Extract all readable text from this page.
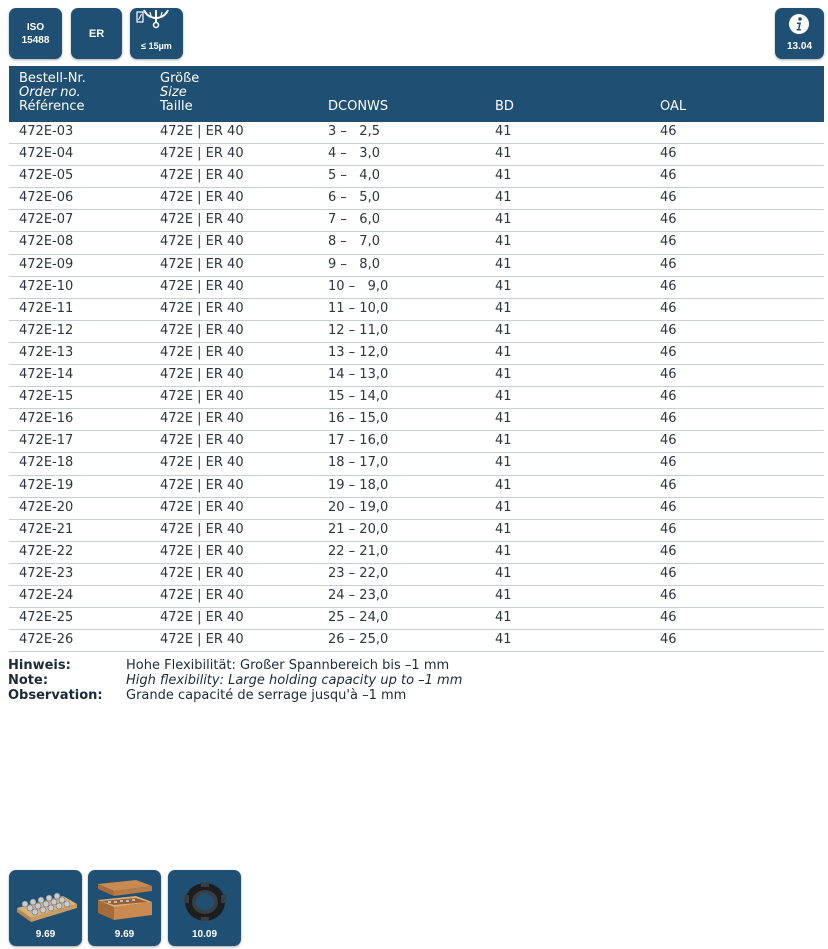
ISO
15488
ER
≤ 15µm	13.04
Bestell-Nr.
Order no.
Référence
Größe
Size
Taille	DCONWS	BD	OAL
472E-03	472E | ER 40	3 –   2,5	41	46
472E-04	472E | ER 40	4 –   3,0	41	46
472E-05	472E | ER 40	5 –   4,0	41	46
472E-06	472E | ER 40	6 –   5,0	41	46
472E-07	472E | ER 40	7 –   6,0	41	46
472E-08	472E | ER 40	8 –   7,0	41	46
472E-09	472E | ER 40	9 –   8,0	41	46
472E-10	472E | ER 40	10 –   9,0	41	46
472E-11	472E | ER 40	11 – 10,0	41	46
472E-12	472E | ER 40	12 – 11,0	41	46
472E-13	472E | ER 40	13 – 12,0	41	46
472E-14	472E | ER 40	14 – 13,0	41	46
472E-15	472E | ER 40	15 – 14,0	41	46
472E-16	472E | ER 40	16 – 15,0	41	46
472E-17	472E | ER 40	17 – 16,0	41	46
472E-18	472E | ER 40	18 – 17,0	41	46
472E-19	472E | ER 40	19 – 18,0	41	46
472E-20	472E | ER 40	20 – 19,0	41	46
472E-21	472E | ER 40	21 – 20,0	41	46
472E-22	472E | ER 40	22 – 21,0	41	46
472E-23	472E | ER 40	23 – 22,0	41	46
472E-24	472E | ER 40	24 – 23,0	41	46
472E-25	472E | ER 40	25 – 24,0	41	46
472E-26	472E | ER 40	26 – 25,0	41	46
Hinweis:	Hohe Flexibilität: Großer Spannbereich bis –1 mm
Note:	High flexibility: Large holding capacity up to –1 mm
Observation: Grande capacité de serrage jusqu'à –1 mm
9.69	9.69	10.09
